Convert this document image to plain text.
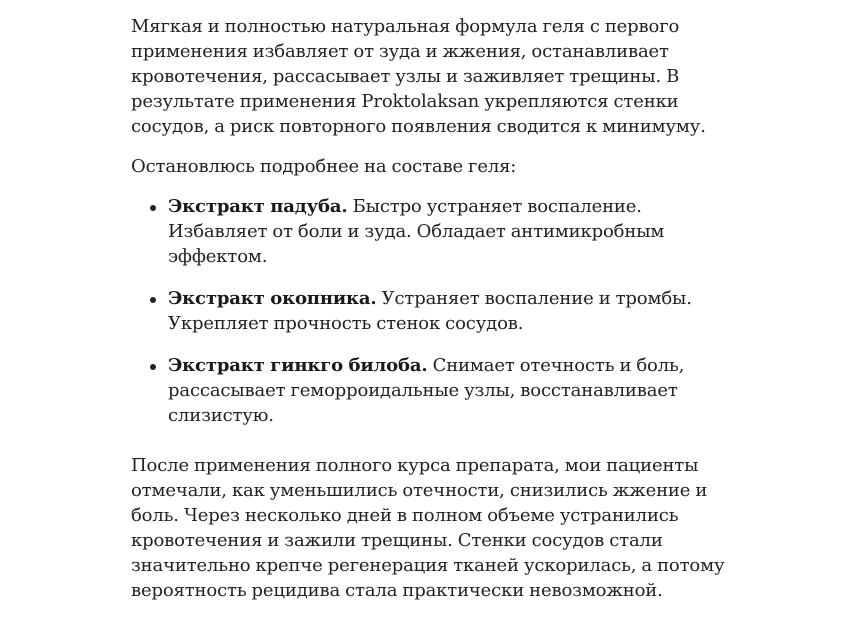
Мягкая и полностью натуральная формула геля с первого применения избавляет от зуда и жжения, останавливает кровотечения, рассасывает узлы и заживляет трещины. В результате применения Proktolaksan укрепляются стенки сосудов, а риск повторного появления сводится к минимуму.

Остановлюсь подробнее на составе геля:

Экстракт падуба. Быстро устраняет воспаление. Избавляет от боли и зуда. Обладает антимикробным эффектом.
Экстракт окопника. Устраняет воспаление и тромбы. Укрепляет прочность стенок сосудов.
Экстракт гинкго билоба. Снимает отечность и боль, рассасывает геморроидальные узлы, восстанавливает слизистую.

После применения полного курса препарата, мои пациенты отмечали, как уменьшились отечности, снизились жжение и боль. Через несколько дней в полном объеме устранились кровотечения и зажили трещины. Стенки сосудов стали значительно крепче регенерация тканей ускорилась, а потому вероятность рецидива стала практически невозможной.
